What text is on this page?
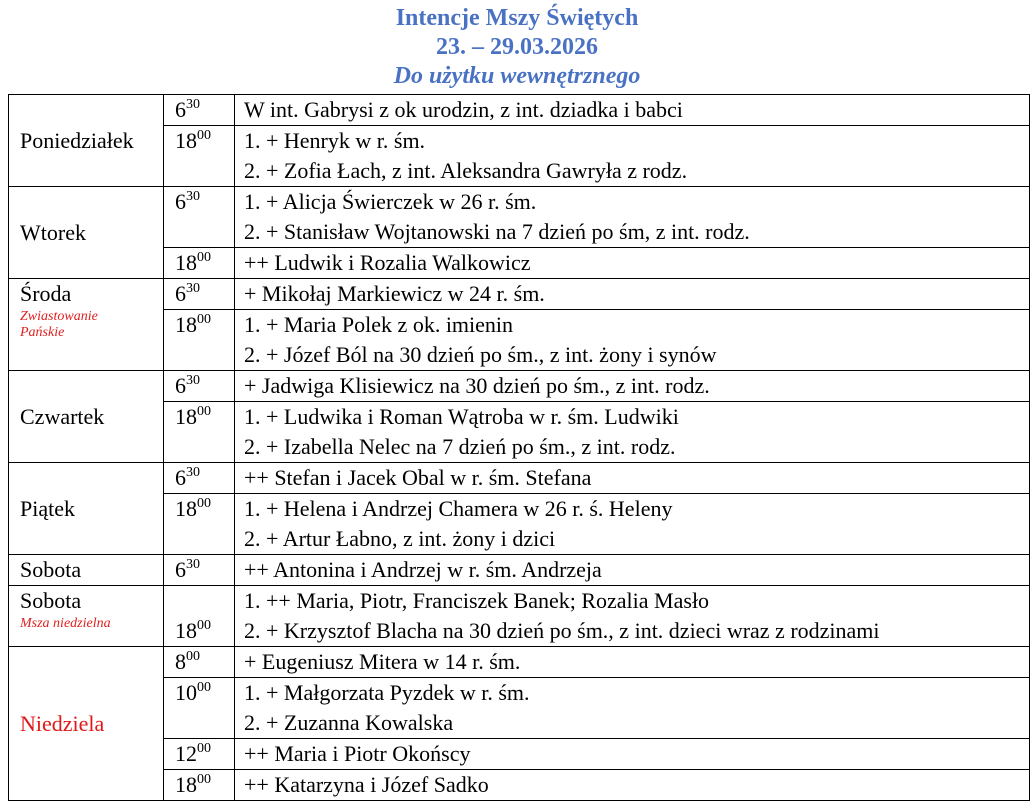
Intencje Mszy Świętych
23. – 29.03.2026
Do użytku wewnętrznego
Poniedziałek	$6^{30}$	W int. Gabrysi z ok urodzin, z int. dziadka i babci

	$18^{00}$	1. + Henryk w r. śm.
2. + Zofia Łach, z int. Aleksandra Gawryła z rodz.

Wtorek	$6^{30}$	1. + Alicja Świerczek w 26 r. śm.
2. + Stanisław Wojtanowski na 7 dzień po śm, z int. rodz.

	$18^{00}$	++ Ludwik i Rozalia Walkowicz

Środa
Zwiastowanie
Pańskie	$6^{30}$	+ Mikołaj Markiewicz w 24 r. śm.

	$18^{00}$	1. + Maria Polek z ok. imienin
2. + Józef Ból na 30 dzień po śm., z int. żony i synów

Czwartek	$6^{30}$	+ Jadwiga Klisiewicz na 30 dzień po śm., z int. rodz.

	$18^{00}$	1. + Ludwika i Roman Wątroba w r. śm. Ludwiki
2. + Izabella Nelec na 7 dzień po śm., z int. rodz.

Piątek	$6^{30}$	++ Stefan i Jacek Obal w r. śm. Stefana

	$18^{00}$	1. + Helena i Andrzej Chamera w 26 r. ś. Heleny
2. + Artur Łabno, z int. żony i dzici

Sobota	$6^{30}$	++ Antonina i Andrzej w r. śm. Andrzeja

Sobota
Msza niedzielna	$18^{00}$	1. ++ Maria, Piotr, Franciszek Banek; Rozalia Masło
2. + Krzysztof Blacha na 30 dzień po śm., z int. dzieci wraz z rodzinami

Niedziela	$8^{00}$	+ Eugeniusz Mitera w 14 r. śm.

	$10^{00}$	1. + Małgorzata Pyzdek w r. śm.
2. + Zuzanna Kowalska

	$12^{00}$	++ Maria i Piotr Okońscy

	$18^{00}$	++ Katarzyna i Józef Sadko
